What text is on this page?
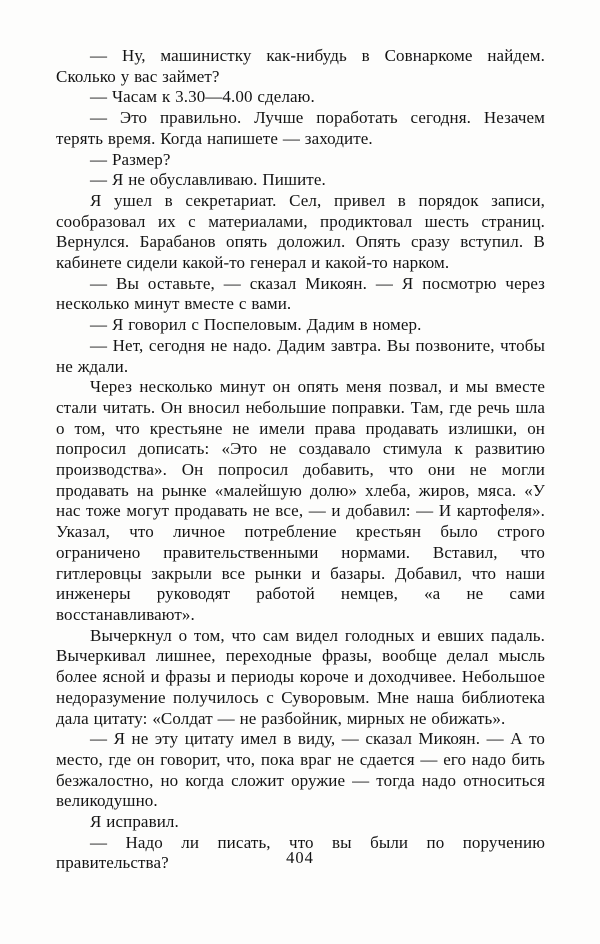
— Ну, машинистку как-нибудь в Совнаркоме найдем. Сколько у вас займет?

— Часам к 3.30—4.00 сделаю.

— Это правильно. Лучше поработать сегодня. Незачем терять время. Когда напишете — заходите.

— Размер?

— Я не обуславливаю. Пишите.

Я ушел в секретариат. Сел, привел в порядок записи, сообразовал их с материалами, продиктовал шесть страниц. Вернулся. Барабанов опять доложил. Опять сразу вступил. В кабинете сидели какой-то генерал и какой-то нарком.

— Вы оставьте, — сказал Микоян. — Я посмотрю через несколько минут вместе с вами.

— Я говорил с Поспеловым. Дадим в номер.

— Нет, сегодня не надо. Дадим завтра. Вы позвоните, чтобы не ждали.

Через несколько минут он опять меня позвал, и мы вместе стали читать. Он вносил небольшие поправки. Там, где речь шла о том, что крестьяне не имели права продавать излишки, он попросил дописать: «Это не создавало стимула к развитию производства». Он попросил добавить, что они не могли продавать на рынке «малейшую долю» хлеба, жиров, мяса. «У нас тоже могут продавать не все, — и добавил: — И картофеля». Указал, что личное потребление крестьян было строго ограничено правительственными нормами. Вставил, что гитлеровцы закрыли все рынки и базары. Добавил, что наши инженеры руководят работой немцев, «а не сами восстанавливают».

Вычеркнул о том, что сам видел голодных и евших падаль. Вычеркивал лишнее, переходные фразы, вообще делал мысль более ясной и фразы и периоды короче и доходчивее. Небольшое недоразумение получилось с Суворовым. Мне наша библиотека дала цитату: «Солдат — не разбойник, мирных не обижать».

— Я не эту цитату имел в виду, — сказал Микоян. — А то место, где он говорит, что, пока враг не сдается — его надо бить безжалостно, но когда сложит оружие — тогда надо относиться великодушно.

Я исправил.

— Надо ли писать, что вы были по поручению правительства?	404
